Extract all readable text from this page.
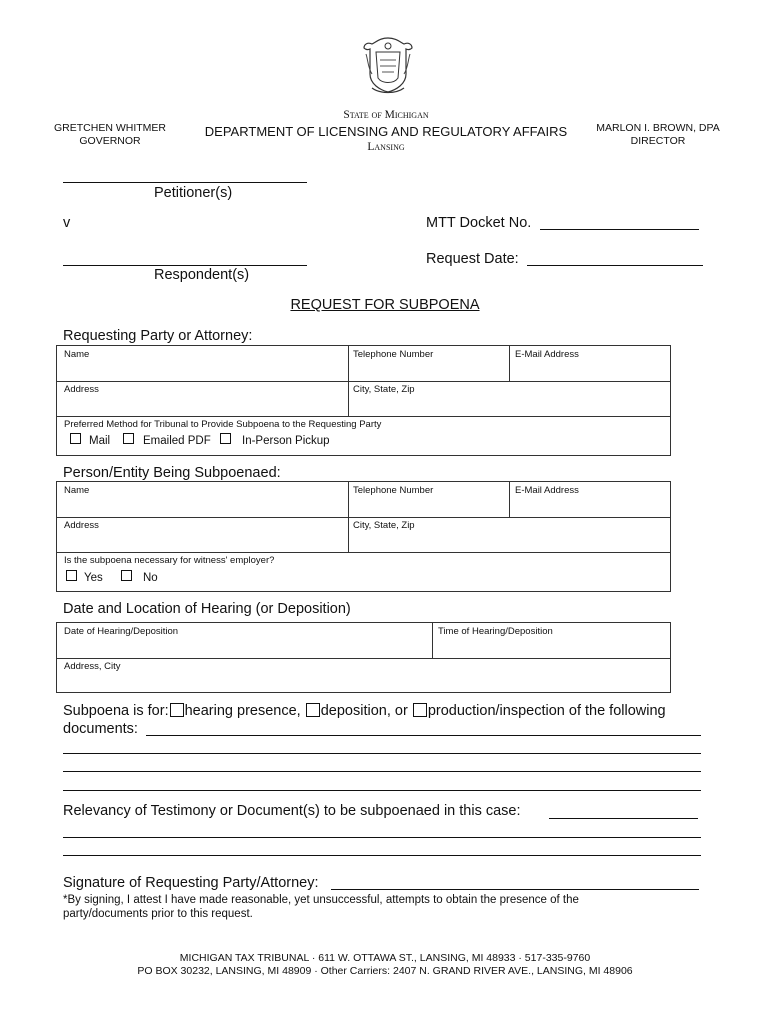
GRETCHEN WHITMER
GOVERNOR
State of Michigan
DEPARTMENT OF LICENSING AND REGULATORY AFFAIRS
Lansing
MARLON I. BROWN, DPA
DIRECTOR
Petitioner(s)
v	MTT Docket No.
Request Date:
Respondent(s)
REQUEST FOR SUBPOENA
Requesting Party or Attorney:
Name	Telephone Number	E-Mail Address
Address	City, State, Zip
Preferred Method for Tribunal to Provide Subpoena to the Requesting Party
Mail	Emailed PDF	In-Person Pickup
Person/Entity Being Subpoenaed:
Name	Telephone Number	E-Mail Address
Address	City, State, Zip
Is the subpoena necessary for witness' employer?
Yes	No
Date and Location of Hearing (or Deposition)
Date of Hearing/Deposition	Time of Hearing/Deposition
Address, City
Subpoena is for: hearing presence, deposition, or production/inspection of the following
documents:
Relevancy of Testimony or Document(s) to be subpoenaed in this case:
Signature of Requesting Party/Attorney:
*By signing, I attest I have made reasonable, yet unsuccessful, attempts to obtain the presence of the
party/documents prior to this request.
MICHIGAN TAX TRIBUNAL · 611 W. OTTAWA ST., LANSING, MI 48933 · 517-335-9760
PO BOX 30232, LANSING, MI 48909 · Other Carriers: 2407 N. GRAND RIVER AVE., LANSING, MI 48906
